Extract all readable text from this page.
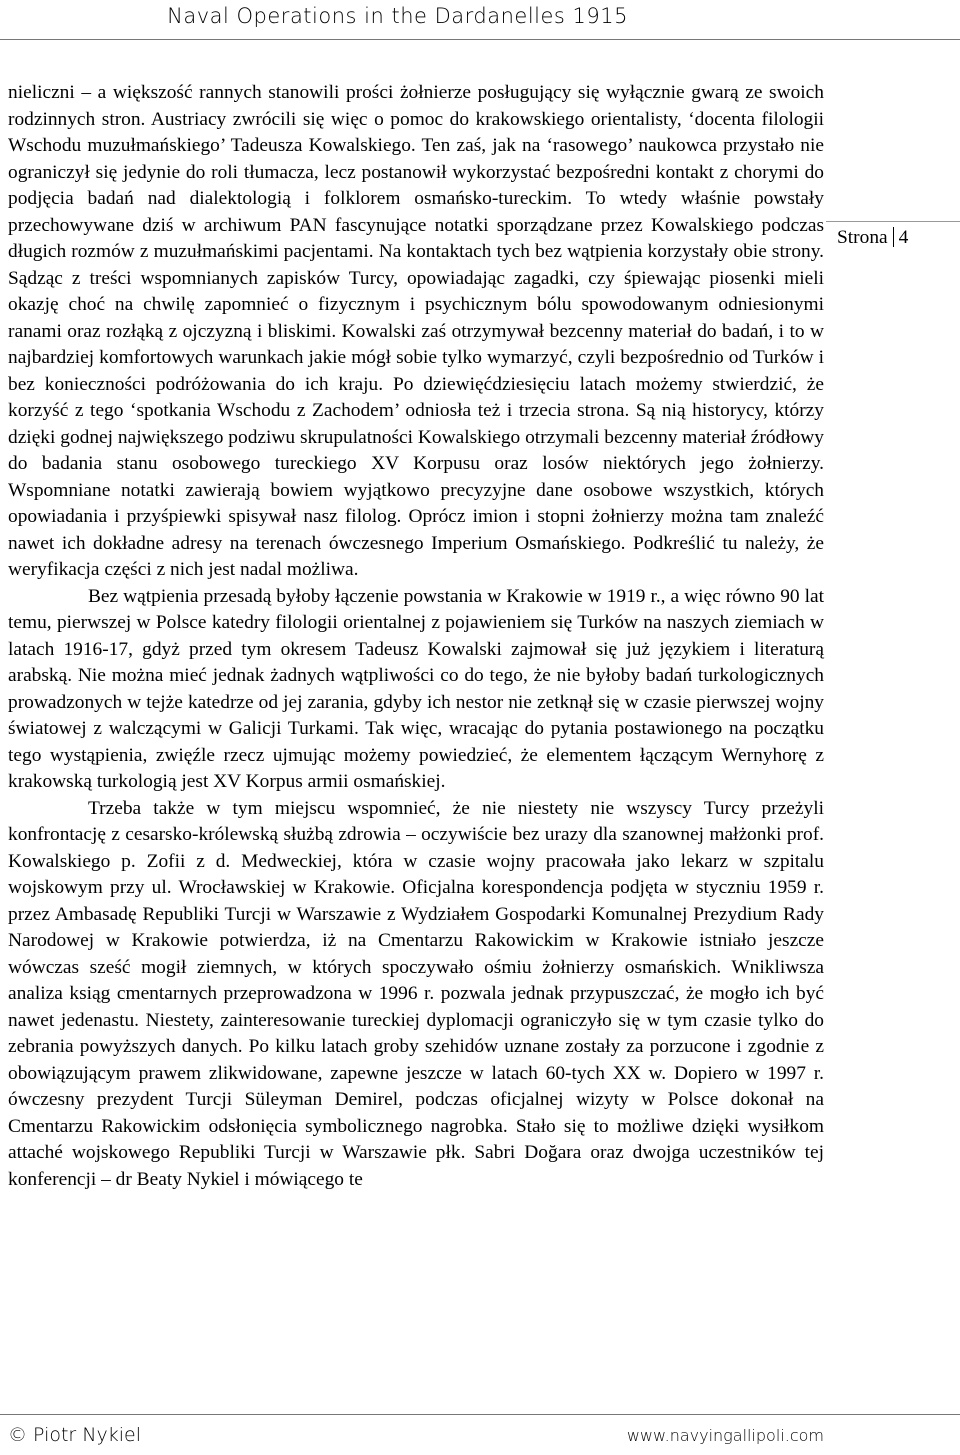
Naval Operations in the Dardanelles 1915

nieliczni – a większość rannych stanowili prości żołnierze posługujący się wyłącznie gwarą ze swoich rodzinnych stron. Austriacy zwrócili się więc o pomoc do krakowskiego orientalisty, ‘docenta filologii Wschodu muzułmańskiego’ Tadeusza Kowalskiego. Ten zaś, jak na ‘rasowego’ naukowca przystało nie ograniczył się jedynie do roli tłumacza, lecz postanowił wykorzystać bezpośredni kontakt z chorymi do podjęcia badań nad dialektologią i folklorem osmańsko-tureckim. To wtedy właśnie powstały przechowywane dziś w archiwum PAN fascynujące notatki sporządzane przez Kowalskiego podczas długich rozmów z muzułmańskimi pacjentami. Na kontaktach tych bez wątpienia korzystały obie strony. Sądząc z treści wspomnianych zapisków Turcy, opowiadając zagadki, czy śpiewając piosenki mieli okazję choć na chwilę zapomnieć o fizycznym i psychicznym bólu spowodowanym odniesionymi ranami oraz rozłąką z ojczyzną i bliskimi. Kowalski zaś otrzymywał bezcenny materiał do badań, i to w najbardziej komfortowych warunkach jakie mógł sobie tylko wymarzyć, czyli bezpośrednio od Turków i bez konieczności podróżowania do ich kraju. Po dziewięćdziesięciu latach możemy stwierdzić, że korzyść z tego ‘spotkania Wschodu z Zachodem’ odniosła też i trzecia strona. Są nią historycy, którzy dzięki godnej największego podziwu skrupulatności Kowalskiego otrzymali bezcenny materiał źródłowy do badania stanu osobowego tureckiego XV Korpusu oraz losów niektórych jego żołnierzy. Wspomniane notatki zawierają bowiem wyjątkowo precyzyjne dane osobowe wszystkich, których opowiadania i przyśpiewki spisywał nasz filolog. Oprócz imion i stopni żołnierzy można tam znaleźć nawet ich dokładne adresy na terenach ówczesnego Imperium Osmańskiego. Podkreślić tu należy, że weryfikacja części z nich jest nadal możliwa.

Bez wątpienia przesadą byłoby łączenie powstania w Krakowie w 1919 r., a więc równo 90 lat temu, pierwszej w Polsce katedry filologii orientalnej z pojawieniem się Turków na naszych ziemiach w latach 1916-17, gdyż przed tym okresem Tadeusz Kowalski zajmował się już językiem i literaturą arabską. Nie można mieć jednak żadnych wątpliwości co do tego, że nie byłoby badań turkologicznych prowadzonych w tejże katedrze od jej zarania, gdyby ich nestor nie zetknął się w czasie pierwszej wojny światowej z walczącymi w Galicji Turkami. Tak więc, wracając do pytania postawionego na początku tego wystąpienia, zwięźle rzecz ujmując możemy powiedzieć, że elementem łączącym Wernyhorę z krakowską turkologią jest XV Korpus armii osmańskiej.

Trzeba także w tym miejscu wspomnieć, że nie niestety nie wszyscy Turcy przeżyli konfrontację z cesarsko-królewską służbą zdrowia – oczywiście bez urazy dla szanownej małżonki prof. Kowalskiego p. Zofii z d. Medweckiej, która w czasie wojny pracowała jako lekarz w szpitalu wojskowym przy ul. Wrocławskiej w Krakowie. Oficjalna korespondencja podjęta w styczniu 1959 r. przez Ambasadę Republiki Turcji w Warszawie z Wydziałem Gospodarki Komunalnej Prezydium Rady Narodowej w Krakowie potwierdza, iż na Cmentarzu Rakowickim w Krakowie istniało jeszcze wówczas sześć mogił ziemnych, w których spoczywało ośmiu żołnierzy osmańskich. Wnikliwsza analiza ksiąg cmentarnych przeprowadzona w 1996 r. pozwala jednak przypuszczać, że mogło ich być nawet jedenastu. Niestety, zainteresowanie tureckiej dyplomacji ograniczyło się w tym czasie tylko do zebrania powyższych danych. Po kilku latach groby szehidów uznane zostały za porzucone i zgodnie z obowiązującym prawem zlikwidowane, zapewne jeszcze w latach 60-tych XX w. Dopiero w 1997 r. ówczesny prezydent Turcji Süleyman Demirel, podczas oficjalnej wizyty w Polsce dokonał na Cmentarzu Rakowickim odsłonięcia symbolicznego nagrobka. Stało się to możliwe dzięki wysiłkom attaché wojskowego Republiki Turcji w Warszawie płk. Sabri Doğara oraz dwojga uczestników tej konferencji – dr Beaty Nykiel i mówiącego te

Strona 4
© Piotr Nykiel	www.navyingallipoli.com
